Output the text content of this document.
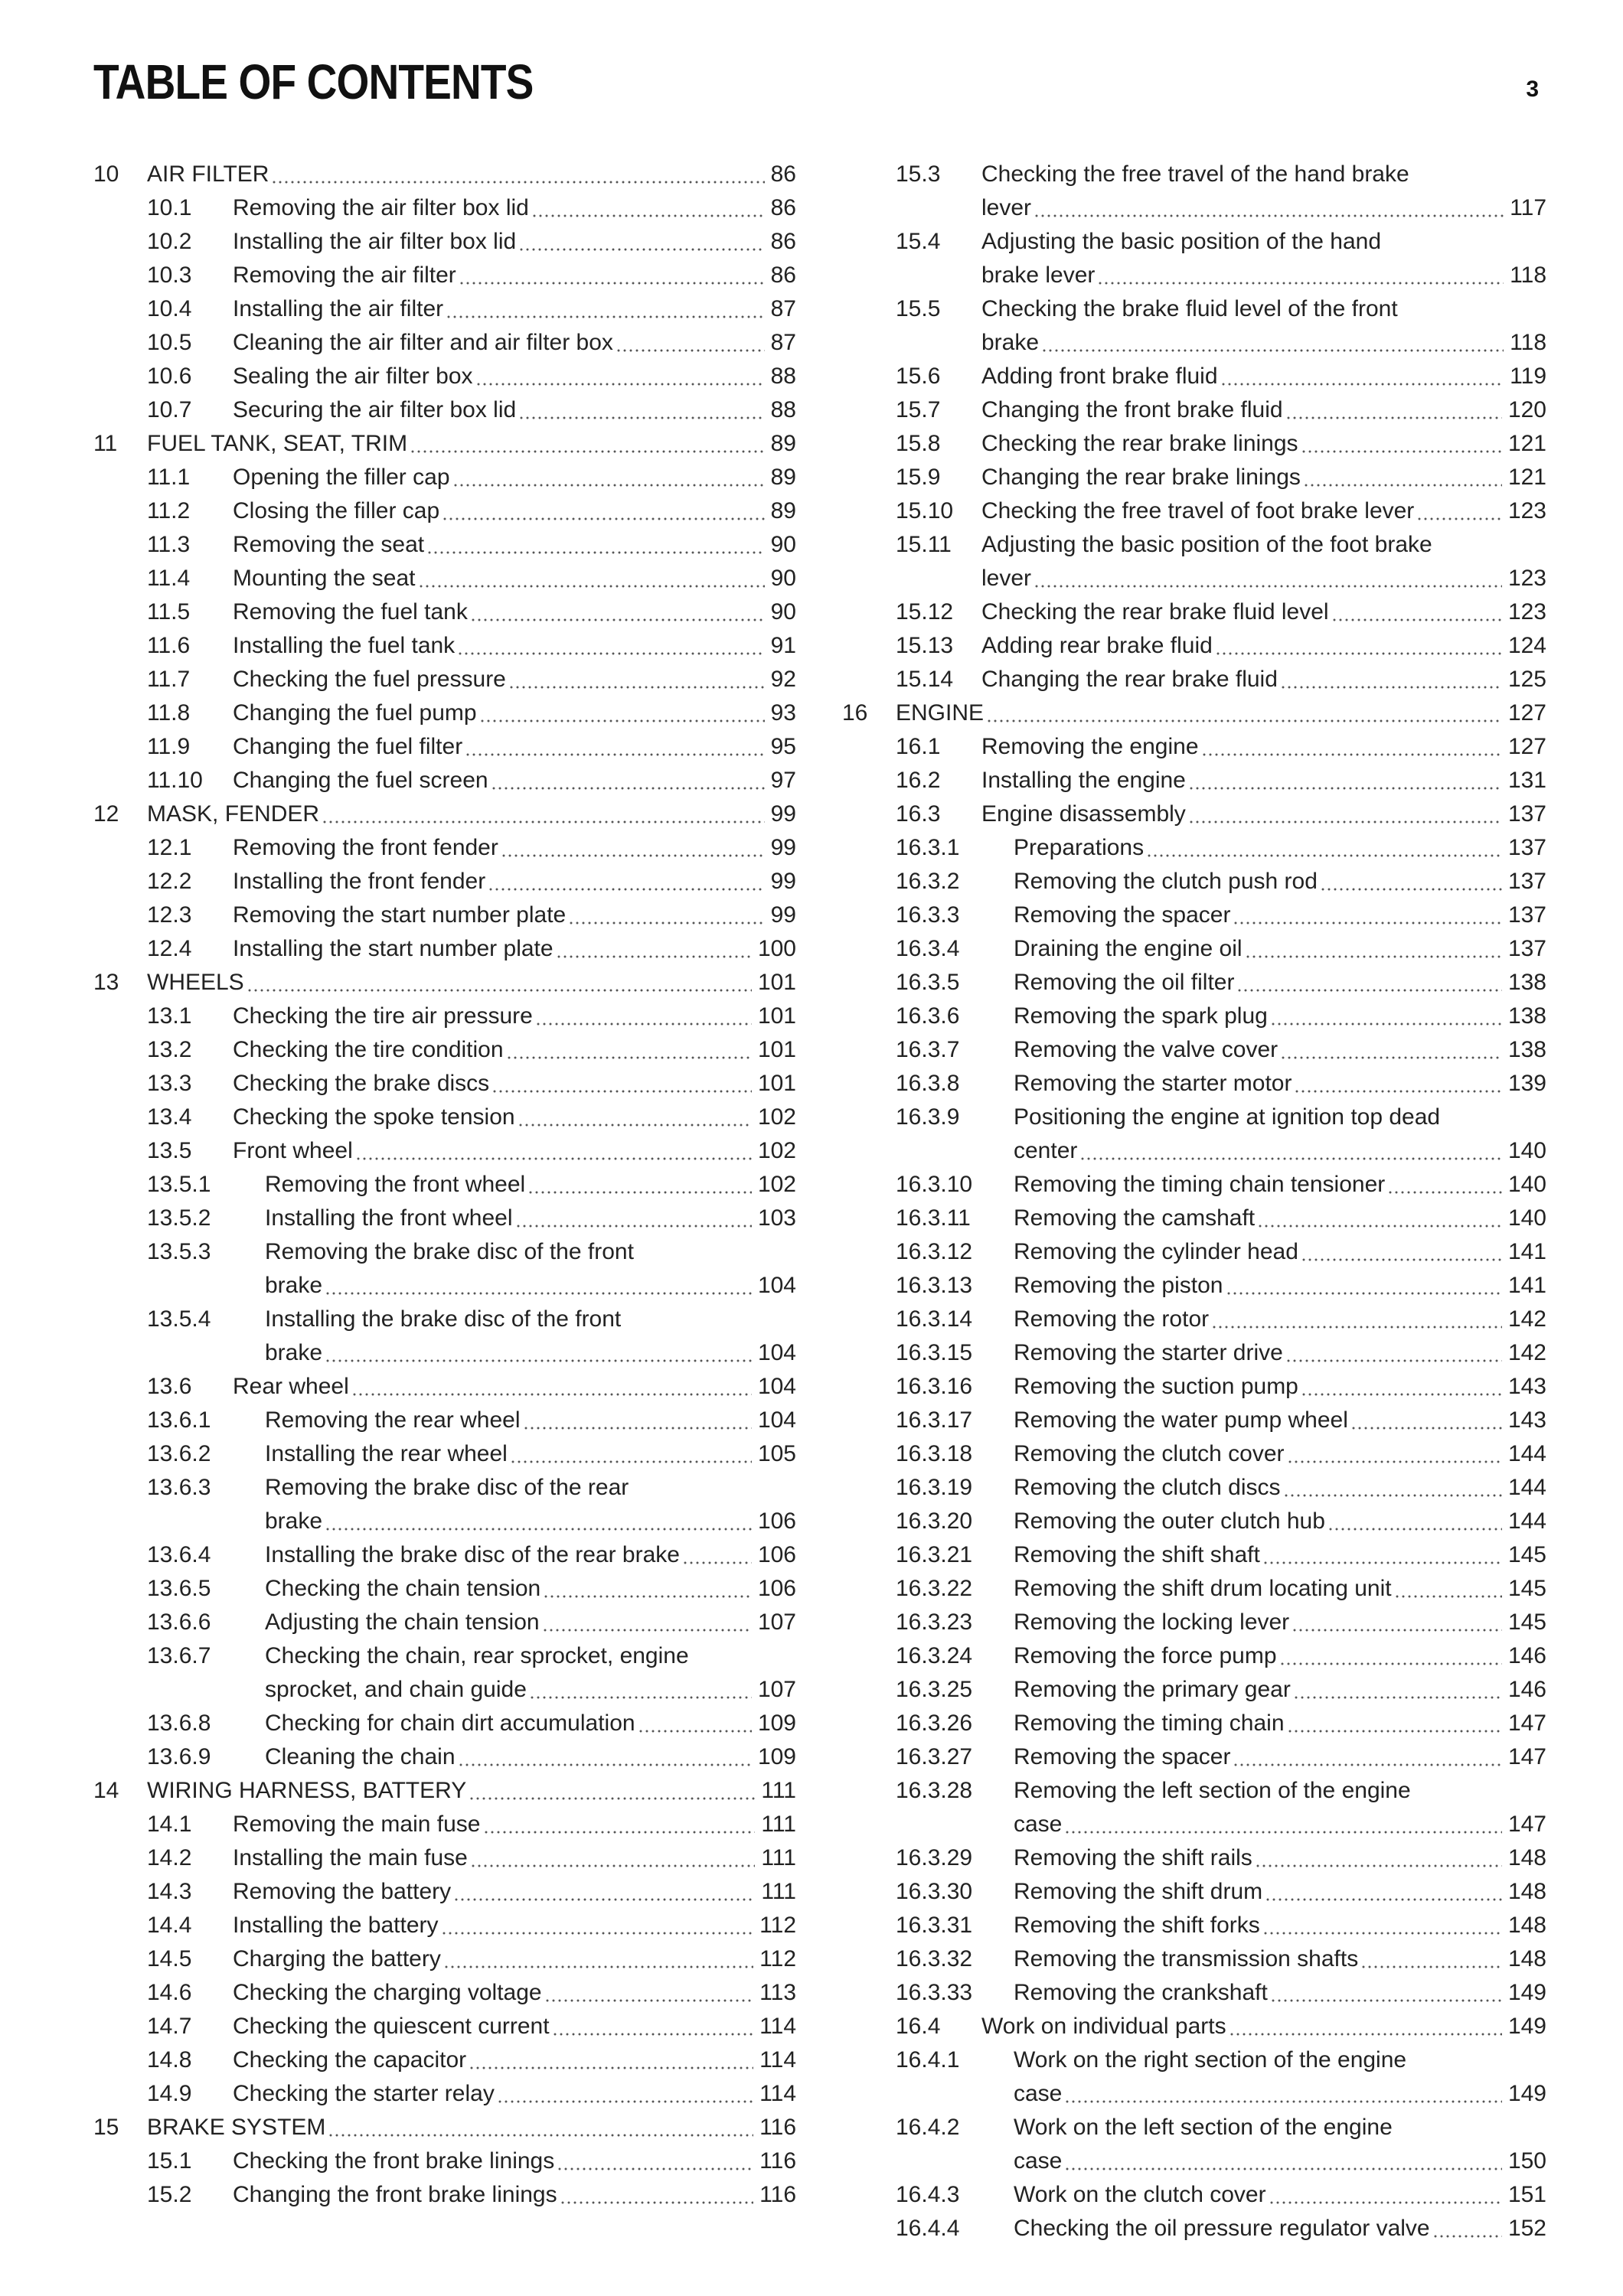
TABLE OF CONTENTS	3
10	AIR FILTER	86
10.1	Removing the air filter box lid	86
10.2	Installing the air filter box lid	86
10.3	Removing the air filter	86
10.4	Installing the air filter	87
10.5	Cleaning the air filter and air filter box	87
10.6	Sealing the air filter box	88
10.7	Securing the air filter box lid	88
11	FUEL TANK, SEAT, TRIM	89
11.1	Opening the filler cap	89
11.2	Closing the filler cap	89
11.3	Removing the seat	90
11.4	Mounting the seat	90
11.5	Removing the fuel tank	90
11.6	Installing the fuel tank	91
11.7	Checking the fuel pressure	92
11.8	Changing the fuel pump	93
11.9	Changing the fuel filter	95
11.10	Changing the fuel screen	97
12	MASK, FENDER	99
12.1	Removing the front fender	99
12.2	Installing the front fender	99
12.3	Removing the start number plate	99
12.4	Installing the start number plate	100
13	WHEELS	101
13.1	Checking the tire air pressure	101
13.2	Checking the tire condition	101
13.3	Checking the brake discs	101
13.4	Checking the spoke tension	102
13.5	Front wheel	102
13.5.1	Removing the front wheel	102
13.5.2	Installing the front wheel	103
13.5.3	Removing the brake disc of the front
brake	104
13.5.4	Installing the brake disc of the front
brake	104
13.6	Rear wheel	104
13.6.1	Removing the rear wheel	104
13.6.2	Installing the rear wheel	105
13.6.3	Removing the brake disc of the rear
brake	106
13.6.4	Installing the brake disc of the rear brake	106
13.6.5	Checking the chain tension	106
13.6.6	Adjusting the chain tension	107
13.6.7	Checking the chain, rear sprocket, engine
sprocket, and chain guide	107
13.6.8	Checking for chain dirt accumulation	109
13.6.9	Cleaning the chain	109
14	WIRING HARNESS, BATTERY	111
14.1	Removing the main fuse	111
14.2	Installing the main fuse	111
14.3	Removing the battery	111
14.4	Installing the battery	112
14.5	Charging the battery	112
14.6	Checking the charging voltage	113
14.7	Checking the quiescent current	114
14.8	Checking the capacitor	114
14.9	Checking the starter relay	114
15	BRAKE SYSTEM	116
15.1	Checking the front brake linings	116
15.2	Changing the front brake linings	116
15.3	Checking the free travel of the hand brake
lever	117
15.4	Adjusting the basic position of the hand
brake lever	118
15.5	Checking the brake fluid level of the front
brake	118
15.6	Adding front brake fluid	119
15.7	Changing the front brake fluid	120
15.8	Checking the rear brake linings	121
15.9	Changing the rear brake linings	121
15.10	Checking the free travel of foot brake lever	123
15.11	Adjusting the basic position of the foot brake
lever	123
15.12	Checking the rear brake fluid level	123
15.13	Adding rear brake fluid	124
15.14	Changing the rear brake fluid	125
16	ENGINE	127
16.1	Removing the engine	127
16.2	Installing the engine	131
16.3	Engine disassembly	137
16.3.1	Preparations	137
16.3.2	Removing the clutch push rod	137
16.3.3	Removing the spacer	137
16.3.4	Draining the engine oil	137
16.3.5	Removing the oil filter	138
16.3.6	Removing the spark plug	138
16.3.7	Removing the valve cover	138
16.3.8	Removing the starter motor	139
16.3.9	Positioning the engine at ignition top dead
center	140
16.3.10	Removing the timing chain tensioner	140
16.3.11	Removing the camshaft	140
16.3.12	Removing the cylinder head	141
16.3.13	Removing the piston	141
16.3.14	Removing the rotor	142
16.3.15	Removing the starter drive	142
16.3.16	Removing the suction pump	143
16.3.17	Removing the water pump wheel	143
16.3.18	Removing the clutch cover	144
16.3.19	Removing the clutch discs	144
16.3.20	Removing the outer clutch hub	144
16.3.21	Removing the shift shaft	145
16.3.22	Removing the shift drum locating unit	145
16.3.23	Removing the locking lever	145
16.3.24	Removing the force pump	146
16.3.25	Removing the primary gear	146
16.3.26	Removing the timing chain	147
16.3.27	Removing the spacer	147
16.3.28	Removing the left section of the engine
case	147
16.3.29	Removing the shift rails	148
16.3.30	Removing the shift drum	148
16.3.31	Removing the shift forks	148
16.3.32	Removing the transmission shafts	148
16.3.33	Removing the crankshaft	149
16.4	Work on individual parts	149
16.4.1	Work on the right section of the engine
case	149
16.4.2	Work on the left section of the engine
case	150
16.4.3	Work on the clutch cover	151
16.4.4	Checking the oil pressure regulator valve	152
